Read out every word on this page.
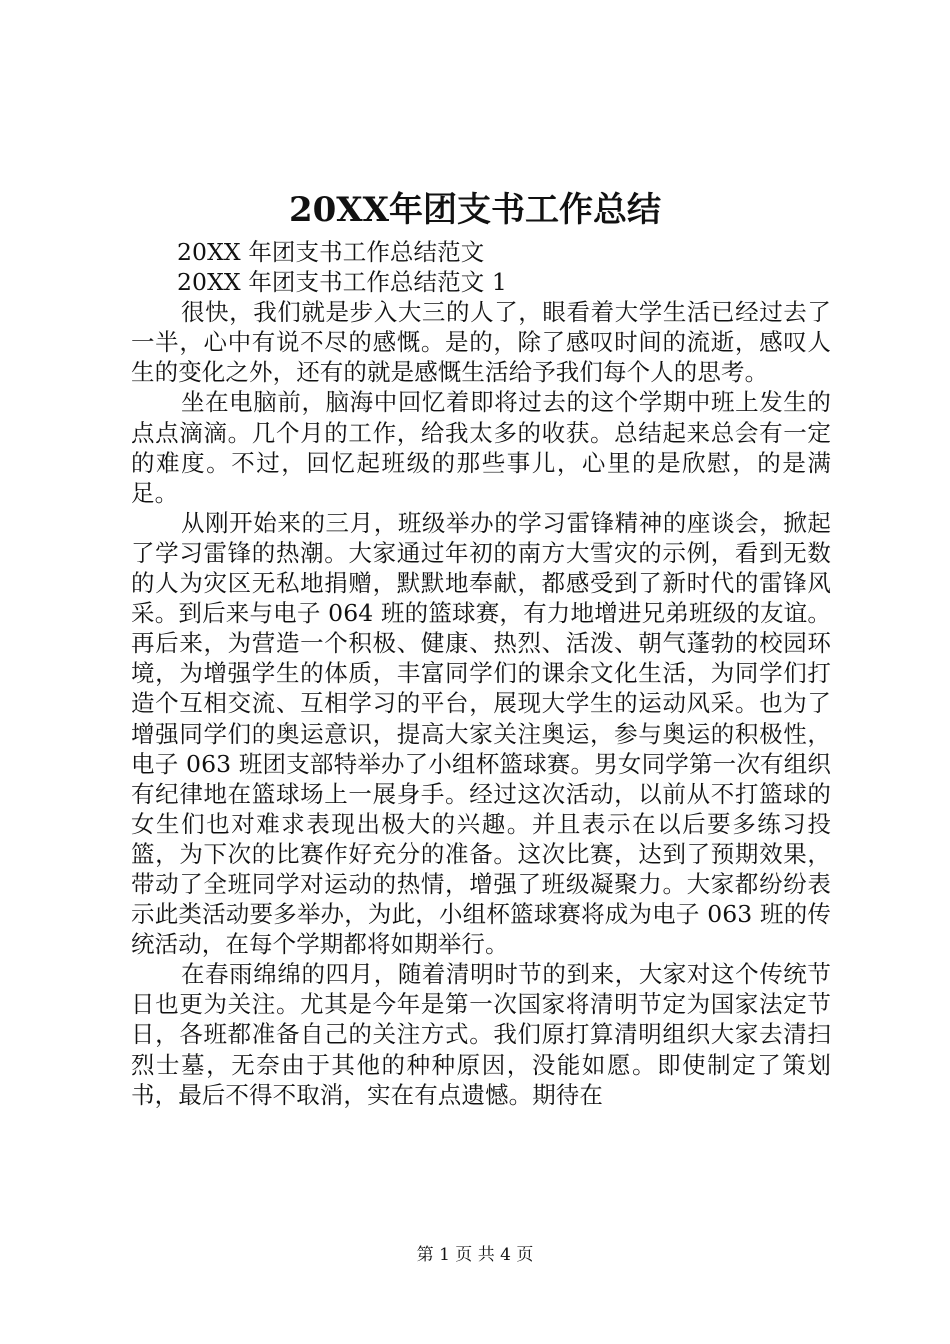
20XX年团支书工作总结

20XX 年团支书工作总结范文

20XX 年团支书工作总结范文 1

很快，我们就是步入大三的人了，眼看着大学生活已经过去了一半，心中有说不尽的感慨。是的，除了感叹时间的流逝，感叹人生的变化之外，还有的就是感慨生活给予我们每个人的思考。

坐在电脑前，脑海中回忆着即将过去的这个学期中班上发生的点点滴滴。几个月的工作，给我太多的收获。总结起来总会有一定的难度。不过，回忆起班级的那些事儿，心里的是欣慰，的是满足。

从刚开始来的三月，班级举办的学习雷锋精神的座谈会，掀起了学习雷锋的热潮。大家通过年初的南方大雪灾的示例，看到无数的人为灾区无私地捐赠，默默地奉献，都感受到了新时代的雷锋风采。到后来与电子 064 班的篮球赛，有力地增进兄弟班级的友谊。再后来，为营造一个积极、健康、热烈、活泼、朝气蓬勃的校园环境，为增强学生的体质，丰富同学们的课余文化生活，为同学们打造个互相交流、互相学习的平台，展现大学生的运动风采。也为了增强同学们的奥运意识，提高大家关注奥运，参与奥运的积极性，电子 063 班团支部特举办了小组杯篮球赛。男女同学第一次有组织有纪律地在篮球场上一展身手。经过这次活动，以前从不打篮球的女生们也对难求表现出极大的兴趣。并且表示在以后要多练习投篮，为下次的比赛作好充分的准备。这次比赛，达到了预期效果，带动了全班同学对运动的热情，增强了班级凝聚力。大家都纷纷表示此类活动要多举办，为此，小组杯篮球赛将成为电子 063 班的传统活动，在每个学期都将如期举行。

在春雨绵绵的四月，随着清明时节的到来，大家对这个传统节日也更为关注。尤其是今年是第一次国家将清明节定为国家法定节日，各班都准备自己的关注方式。我们原打算清明组织大家去清扫烈士墓，无奈由于其他的种种原因，没能如愿。即使制定了策划书，最后不得不取消，实在有点遗憾。期待在

第 1 页 共 4 页
